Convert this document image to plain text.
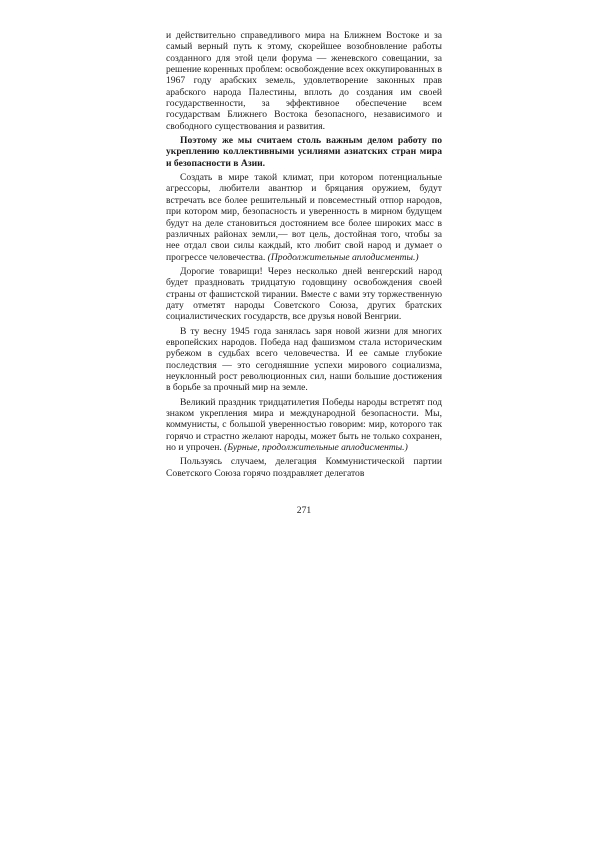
и действительно справедливого мира на Ближнем Востоке и за самый верный путь к этому, скорейшее возобновление работы созданного для этой цели форума — женевского совещании, за решение коренных проблем: освобождение всех оккупированных в 1967 году арабских земель, удовлетворение законных прав арабского народа Палестины, вплоть до создания им своей государственности, за эффективное обеспечение всем государствам Ближнего Востока безопасного, независимого и свободного существования и развития.

Поэтому же мы считаем столь важным делом работу по укреплению коллективными усилиями азиатских стран мира и безопасности в Азии.

Создать в мире такой климат, при котором потенциальные агрессоры, любители авантюр и бряцания оружием, будут встречать все более решительный и повсеместный отпор народов, при котором мир, безопасность и уверенность в мирном будущем будут на деле становиться достоянием все более широких масс в различных районах земли,— вот цель, достойная того, чтобы за нее отдал свои силы каждый, кто любит свой народ и думает о прогрессе человечества. (Продолжительные аплодисменты.)

Дорогие товарищи! Через несколько дней венгерский народ будет праздновать тридцатую годовщину освобождения своей страны от фашистской тирании. Вместе с вами эту торжественную дату отметят народы Советского Союза, других братских социалистических государств, все друзья новой Венгрии.

В ту весну 1945 года занялась заря новой жизни для многих европейских народов. Победа над фашизмом стала историческим рубежом в судьбах всего человечества. И ее самые глубокие последствия — это сегодняшние успехи мирового социализма, неуклонный рост революционных сил, наши большие достижения в борьбе за прочный мир на земле.

Великий праздник тридцатилетия Победы народы встретят под знаком укрепления мира и международной безопасности. Мы, коммунисты, с большой уверенностью говорим: мир, которого так горячо и страстно желают народы, может быть не только сохранен, но и упрочен. (Бурные, продолжительные аплодисменты.)

Пользуясь случаем, делегация Коммунистической партии Советского Союза горячо поздравляет делегатов

271
